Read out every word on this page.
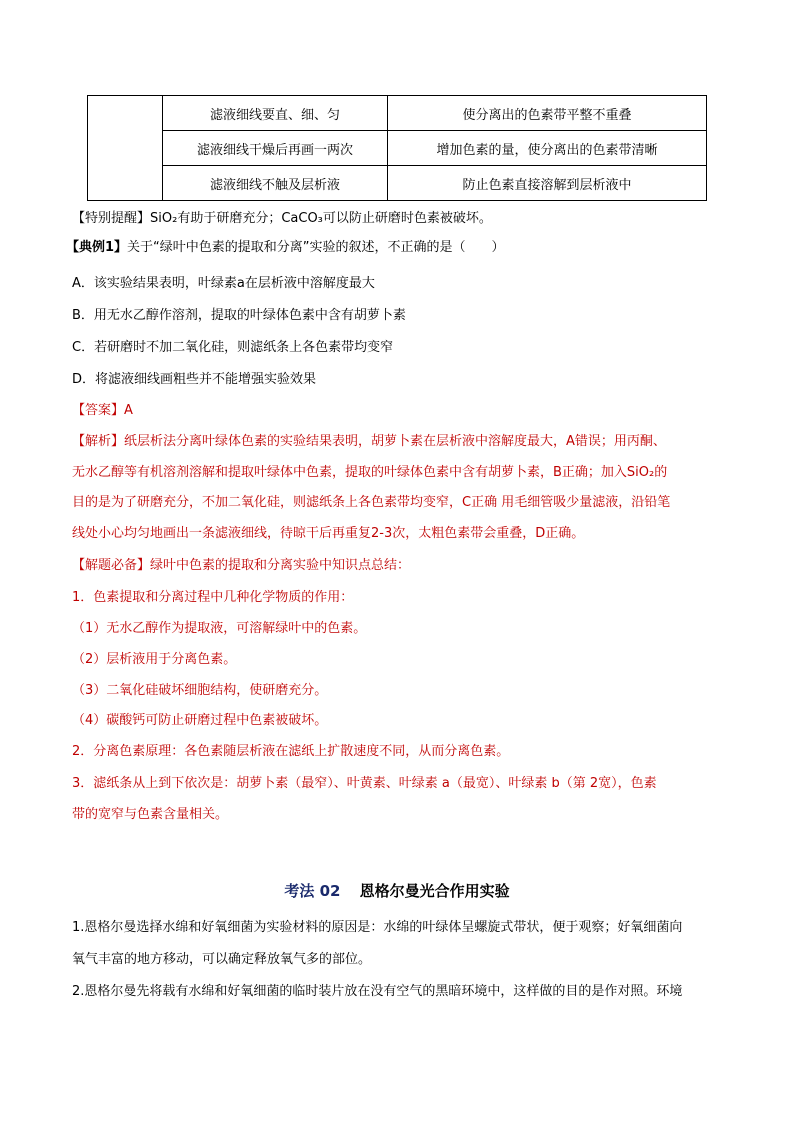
	滤液细线要直、细、匀	使分离出的色素带平整不重叠
	滤液细线干燥后再画一两次	增加色素的量，使分离出的色素带清晰
	滤液细线不触及层析液	防止色素直接溶解到层析液中
【特别提醒】SiO₂有助于研磨充分；CaCO₃可以防止研磨时色素被破坏。
【典例1】关于“绿叶中色素的提取和分离”实验的叙述，不正确的是（　　）
A．该实验结果表明，叶绿素a在层析液中溶解度最大
B．用无水乙醇作溶剂，提取的叶绿体色素中含有胡萝卜素
C．若研磨时不加二氧化硅，则滤纸条上各色素带均变窄
D．将滤液细线画粗些并不能增强实验效果
【答案】A
【解析】纸层析法分离叶绿体色素的实验结果表明，胡萝卜素在层析液中溶解度最大，A错误；用丙酮、
无水乙醇等有机溶剂溶解和提取叶绿体中色素，提取的叶绿体色素中含有胡萝卜素，B正确；加入SiO₂的
目的是为了研磨充分，不加二氧化硅，则滤纸条上各色素带均变窄，C正确 用毛细管吸少量滤液，沿铅笔
线处小心均匀地画出一条滤液细线，待晾干后再重复2-3次，太粗色素带会重叠，D正确。
【解题必备】绿叶中色素的提取和分离实验中知识点总结：
1．色素提取和分离过程中几种化学物质的作用：
（1）无水乙醇作为提取液，可溶解绿叶中的色素。
（2）层析液用于分离色素。
（3）二氧化硅破坏细胞结构，使研磨充分。
（4）碳酸钙可防止研磨过程中色素被破坏。
2．分离色素原理：各色素随层析液在滤纸上扩散速度不同，从而分离色素。
3．滤纸条从上到下依次是：胡萝卜素（最窄）、叶黄素、叶绿素 a（最宽）、叶绿素 b（第 2宽），色素
带的宽窄与色素含量相关。
考法 02 恩格尔曼光合作用实验
1.恩格尔曼选择水绵和好氧细菌为实验材料的原因是：水绵的叶绿体呈螺旋式带状，便于观察；好氧细菌向
氧气丰富的地方移动，可以确定释放氧气多的部位。
2.恩格尔曼先将载有水绵和好氧细菌的临时装片放在没有空气的黑暗环境中，这样做的目的是作对照。环境
